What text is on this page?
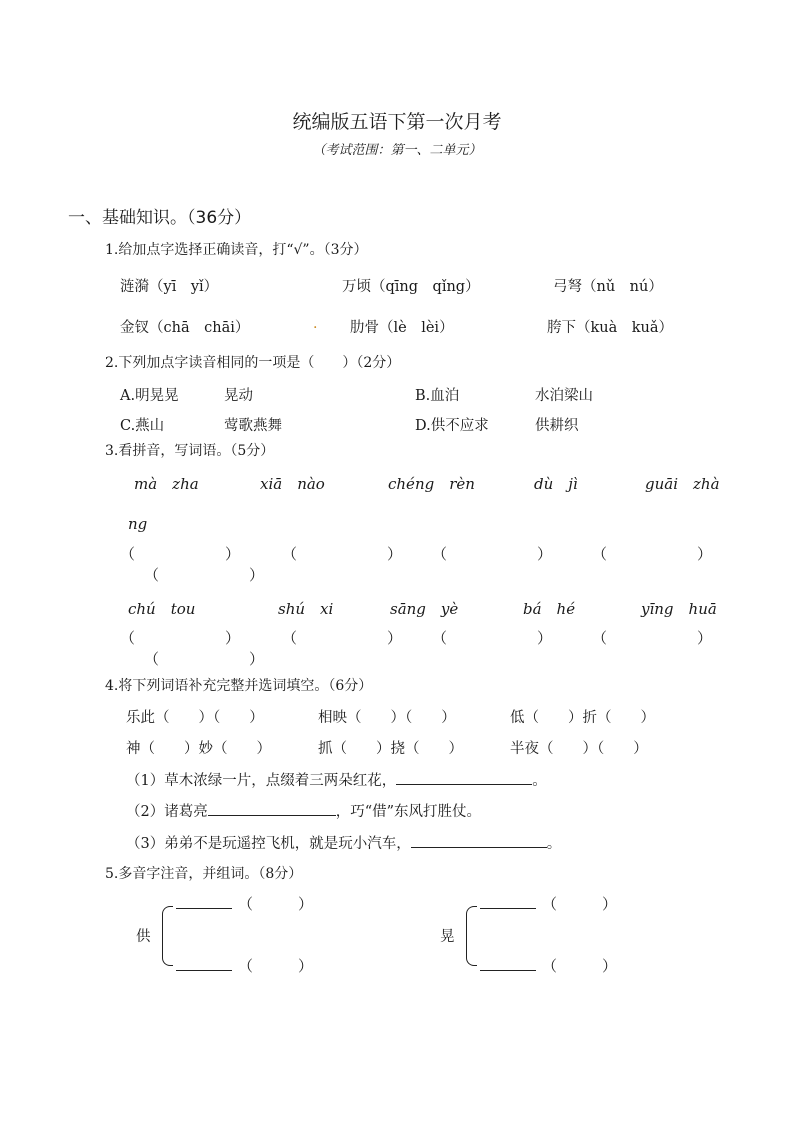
统编版五语下第一次月考
（考试范围：第一、二单元）
一、基础知识。（36分）
1.给加点字选择正确读音，打“√”。（3分）
涟漪（yī　yǐ）	万顷（qīng　qǐng）	弓弩（nǔ　nú）
金钗（chā　chāi）	. 肋骨（lè　lèi）	胯下（kuà　kuǎ）
2.下列加点字读音相同的一项是（　　）（2分）
A.明晃晃	晃动	B.血泊	水泊梁山
C.燕山	莺歌燕舞	D.供不应求	供耕织
3.看拼音，写词语。（5分）
mà　zha	xiā　nào	chéng　rèn	dù　jì	guāi　zhà
ng
（　　　　　　）	（　　　　　　） （　　　　　　）	（　　　　　　）
（　　　　　　）
chú　tou	shú　xi	sāng　yè	bá　hé	yīng　huā
（　　　　　　）	（　　　　　　） （　　　　　　）	（　　　　　　）
（　　　　　　）
4.将下列词语补充完整并选词填空。（6分）
乐此（　　）（　　）	相映（　　）（　　）	低（　　）折（　　）
神（　　）妙（　　）	抓（　　）挠（　　）	半夜（　　）（　　）
（1）草木浓绿一片，点缀着三两朵红花，	。
（2）诸葛亮	，巧“借”东风打胜仗。
（3）弟弟不是玩遥控飞机，就是玩小汽车，	。
5.多音字注音，并组词。（8分）
供
（　　　）
（　　　）
晃
（　　　）
（　　　）
